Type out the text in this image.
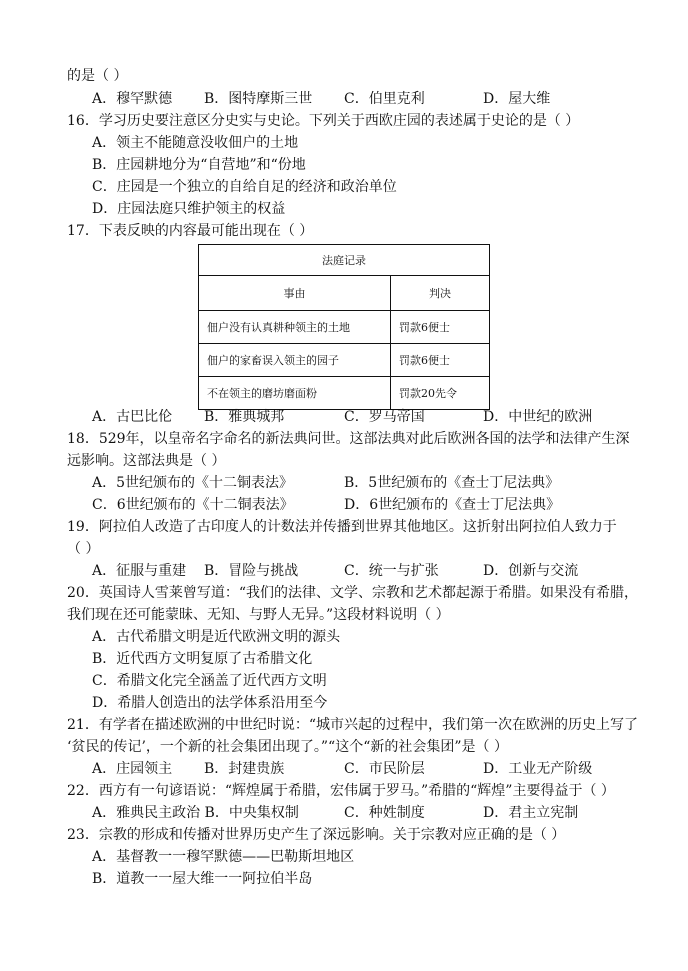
的是（ ）
A．穆罕默德 B．图特摩斯三世 C．伯里克利	D．屋大维
16．学习历史要注意区分史实与史论。下列关于西欧庄园的表述属于史论的是（ ）
A．领主不能随意没收佃户的土地
B．庄园耕地分为“自营地”和“份地
C．庄园是一个独立的自给自足的经济和政治单位
D．庄园法庭只维护领主的权益
17．下表反映的内容最可能出现在（ ）
法庭记录	
事由	判决
佃户没有认真耕种领主的土地	罚款6便士
佃户的家畜误入领主的园子	罚款6便士
不在领主的磨坊磨面粉	罚款20先令
A．古巴比伦 B．雅典城邦	C．罗马帝国	D．中世纪的欧洲
18．529年，以皇帝名字命名的新法典问世。这部法典对此后欧洲各国的法学和法律产生深
远影响。这部法典是（ ）
A．5世纪颁布的《十二铜表法》	B．5世纪颁布的《查士丁尼法典》
C．6世纪颁布的《十二铜表法》	D．6世纪颁布的《查士丁尼法典》
19．阿拉伯人改造了古印度人的计数法并传播到世界其他地区。这折射出阿拉伯人致力于
（ ）
A．征服与重建 B．冒险与挑战	C．统一与扩张	D．创新与交流
20．英国诗人雪莱曾写道：“我们的法律、文学、宗教和艺术都起源于希腊。如果没有希腊，
我们现在还可能蒙昧、无知、与野人无异。”这段材料说明（ ）
A．古代希腊文明是近代欧洲文明的源头
B．近代西方文明复原了古希腊文化
C．希腊文化完全涵盖了近代西方文明
D．希腊人创造出的法学体系沿用至今
21．有学者在描述欧洲的中世纪时说：“城市兴起的过程中，我们第一次在欧洲的历史上写了
‘贫民的传记’，一个新的社会集团出现了。”“这个“新的社会集团”是（ ）
A．庄园领主 B．封建贵族	C．市民阶层	D．工业无产阶级
22．西方有一句谚语说：“辉煌属于希腊，宏伟属于罗马。”希腊的“辉煌”主要得益于（ ）
A．雅典民主政治 B．中央集权制	C．种姓制度	D．君主立宪制
23．宗教的形成和传播对世界历史产生了深远影响。关于宗教对应正确的是（ ）
A．基督教一一穆罕默德——巴勒斯坦地区
B．道教一一屋大维一一阿拉伯半岛
